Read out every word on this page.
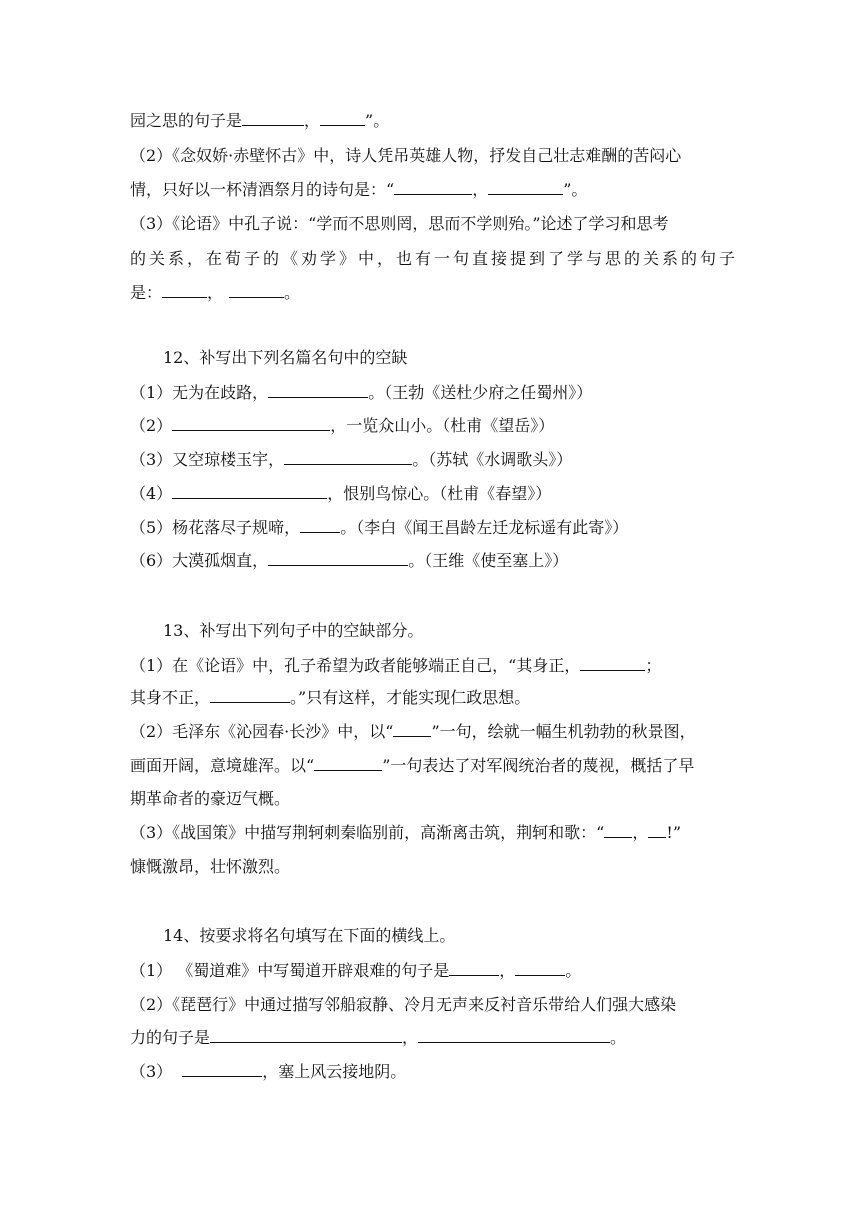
园之思的句子是	，	”。
（2）《念奴娇·赤壁怀古》中，诗人凭吊英雄人物，抒发自己壮志难酬的苦闷心
情，只好以一杯清酒祭月的诗句是：“	，	”。
（3）《论语》中孔子说：“学而不思则罔，思而不学则殆。”论述了学习和思考
的关系，在荀子的《劝学》中，也有一句直接提到了学与思的关系的句子
是：	，	。
12、补写出下列名篇名句中的空缺
（1）无为在歧路，	。（王勃《送杜少府之任蜀州》）
（2）	，一览众山小。（杜甫《望岳》）
（3）又空琼楼玉宇，	。（苏轼《水调歌头》）
（4）	，恨别鸟惊心。（杜甫《春望》）
（5）杨花落尽子规啼，	。（李白《闻王昌龄左迁龙标遥有此寄》）
（6）大漠孤烟直，	。（王维《使至塞上》）
13、补写出下列句子中的空缺部分。
（1）在《论语》中，孔子希望为政者能够端正自己，“其身正，	；
其身不正，	。”只有这样，才能实现仁政思想。
（2）毛泽东《沁园春·长沙》中，以“ ”一句，绘就一幅生机勃勃的秋景图，
画面开阔，意境雄浑。以“	”一句表达了对军阀统治者的蔑视，概括了早
期革命者的豪迈气概。
（3）《战国策》中描写荆轲刺秦临别前，高渐离击筑，荆轲和歌：“ ， !”
慷慨激昂，壮怀激烈。
14、按要求将名句填写在下面的横线上。
（1） 《蜀道难》中写蜀道开辟艰难的句子是	，	。
（2）《琵琶行》中通过描写邻船寂静、冷月无声来反衬音乐带给人们强大感染
力的句子是	，	。
（3）	，塞上风云接地阴。
